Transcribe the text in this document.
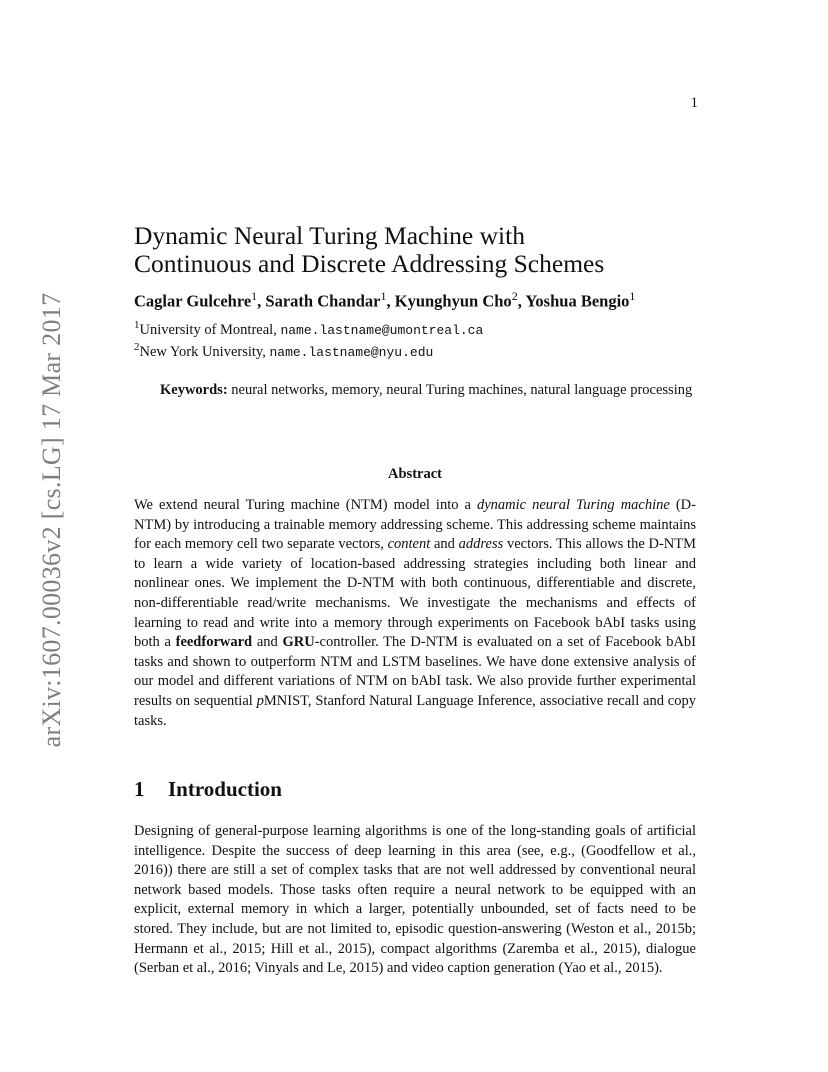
1
arXiv:1607.00036v2 [cs.LG] 17 Mar 2017
Dynamic Neural Turing Machine with
Continuous and Discrete Addressing Schemes
Caglar Gulcehre$^1$, Sarath Chandar$^1$, Kyunghyun Cho$^2$, Yoshua Bengio$^1$
$^1$University of Montreal, name.lastname@umontreal.ca
$^2$New York University, name.lastname@nyu.edu
Keywords: neural networks, memory, neural Turing machines, natural language processing
Abstract
We extend neural Turing machine (NTM) model into a dynamic neural Turing machine (D-NTM) by introducing a trainable memory addressing scheme. This addressing scheme maintains for each memory cell two separate vectors, content and address vectors. This allows the D-NTM to learn a wide variety of location-based addressing strategies including both linear and nonlinear ones. We implement the D-NTM with both continuous, differentiable and discrete, non-differentiable read/write mechanisms. We investigate the mechanisms and effects of learning to read and write into a memory through experiments on Facebook bAbI tasks using both a feedforward and GRU-controller. The D-NTM is evaluated on a set of Facebook bAbI tasks and shown to outperform NTM and LSTM baselines. We have done extensive analysis of our model and different variations of NTM on bAbI task. We also provide further experimental results on sequential pMNIST, Stanford Natural Language Inference, associative recall and copy tasks.
1 Introduction
Designing of general-purpose learning algorithms is one of the long-standing goals of artificial intelligence. Despite the success of deep learning in this area (see, e.g., (Goodfellow et al., 2016)) there are still a set of complex tasks that are not well addressed by conventional neural network based models. Those tasks often require a neural network to be equipped with an explicit, external memory in which a larger, potentially unbounded, set of facts need to be stored. They include, but are not limited to, episodic question-answering (Weston et al., 2015b; Hermann et al., 2015; Hill et al., 2015), compact algorithms (Zaremba et al., 2015), dialogue (Serban et al., 2016; Vinyals and Le, 2015) and video caption generation (Yao et al., 2015).
